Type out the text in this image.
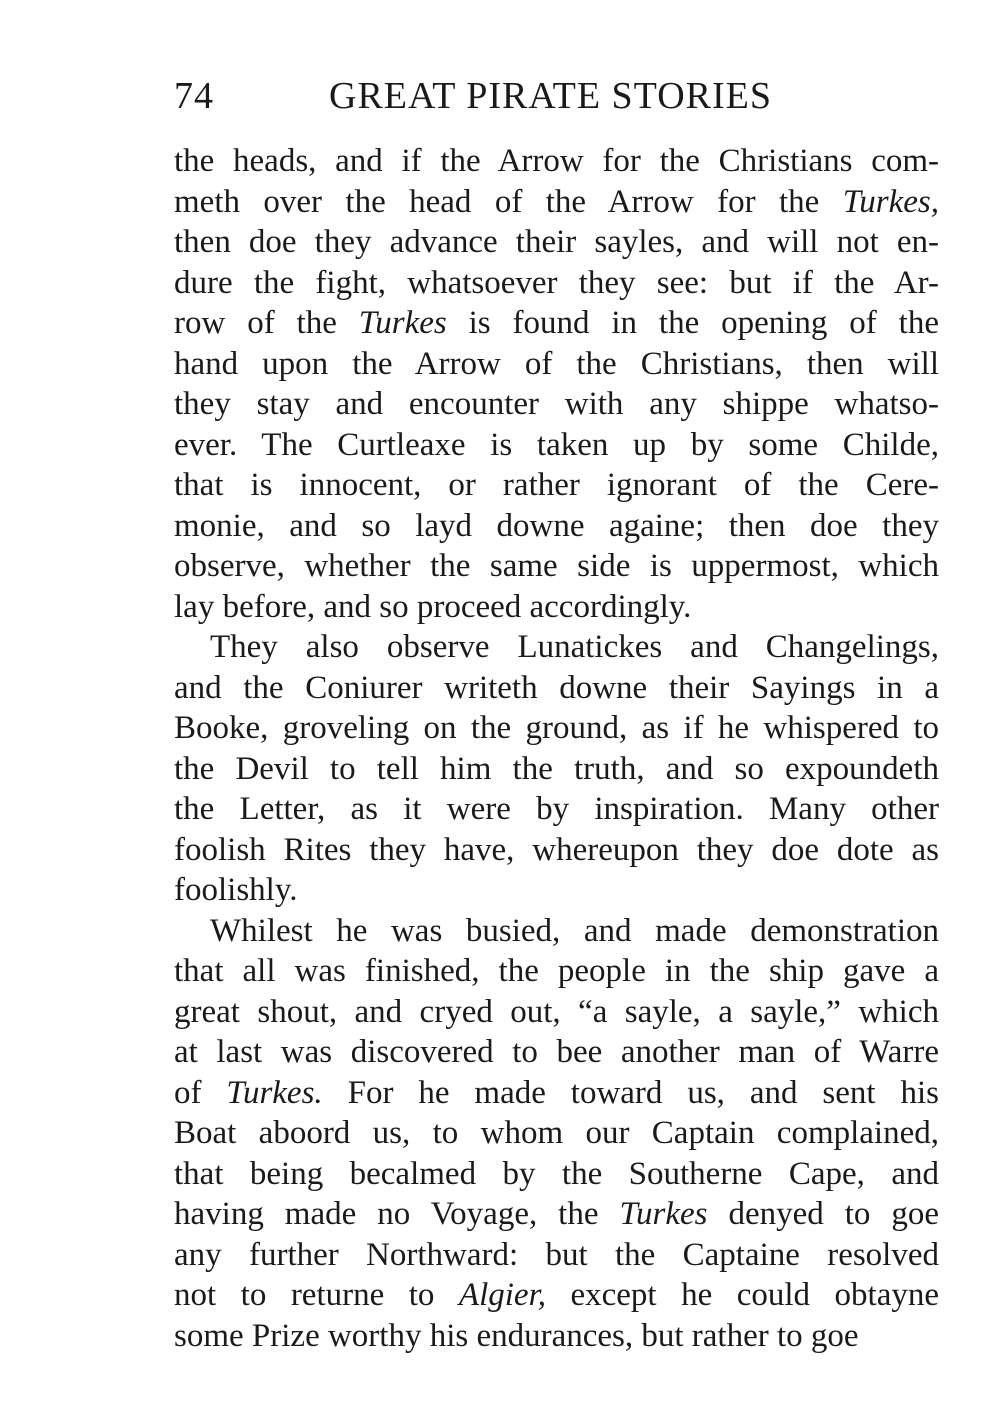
74	GREAT PIRATE STORIES
the heads, and if the Arrow for the Christians com-
meth over the head of the Arrow for the Turkes,
then doe they advance their sayles, and will not en-
dure the fight, whatsoever they see: but if the Ar-
row of the Turkes is found in the opening of the
hand upon the Arrow of the Christians, then will
they stay and encounter with any shippe whatso-
ever. The Curtleaxe is taken up by some Childe,
that is innocent, or rather ignorant of the Cere-
monie, and so layd downe againe; then doe they
observe, whether the same side is uppermost, which
lay before, and so proceed accordingly.
They also observe Lunatickes and Changelings,
and the Coniurer writeth downe their Sayings in a
Booke, groveling on the ground, as if he whispered to
the Devil to tell him the truth, and so expoundeth
the Letter, as it were by inspiration. Many other
foolish Rites they have, whereupon they doe dote as
foolishly.
Whilest he was busied, and made demonstration
that all was finished, the people in the ship gave a
great shout, and cryed out, “a sayle, a sayle,” which
at last was discovered to bee another man of Warre
of Turkes. For he made toward us, and sent his
Boat aboord us, to whom our Captain complained,
that being becalmed by the Southerne Cape, and
having made no Voyage, the Turkes denyed to goe
any further Northward: but the Captaine resolved
not to returne to Algier, except he could obtayne
some Prize worthy his endurances, but rather to goe
